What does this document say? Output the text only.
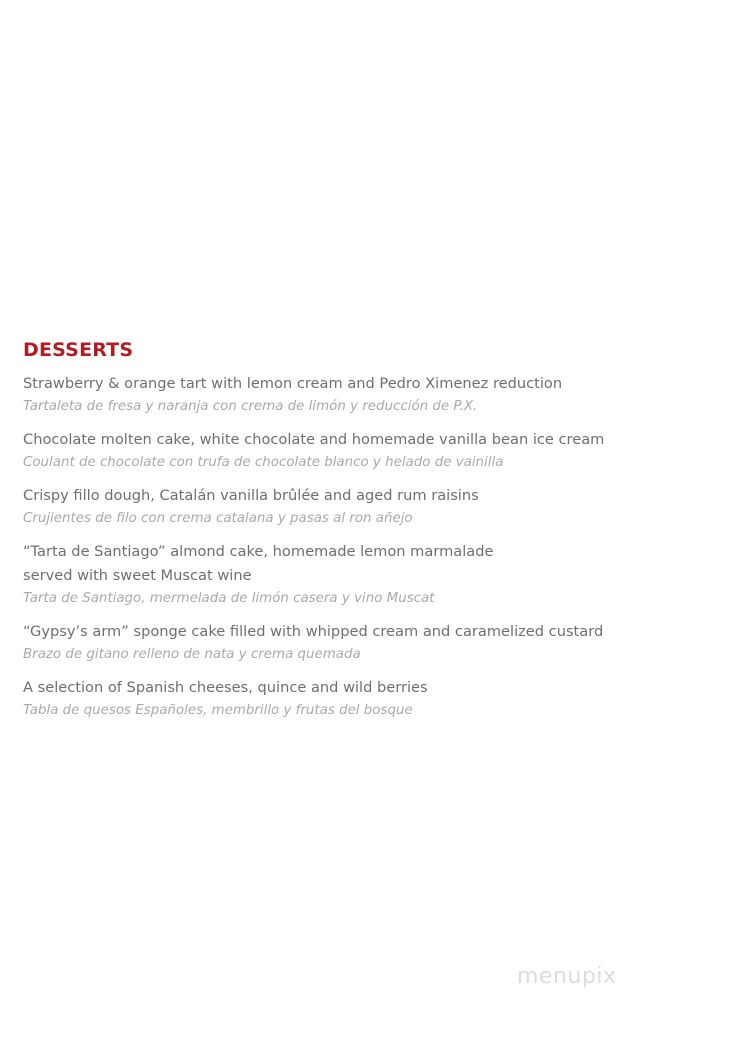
DESSERTS
Strawberry & orange tart with lemon cream and Pedro Ximenez reduction
Tartaleta de fresa y naranja con crema de limón y reducción de P.X.
Chocolate molten cake, white chocolate and homemade vanilla bean ice cream
Coulant de chocolate con trufa de chocolate blanco y helado de vainilla
Crispy fillo dough, Catalán vanilla brûlée and aged rum raisins
Crujientes de filo con crema catalana y pasas al ron añejo
“Tarta de Santiago” almond cake, homemade lemon marmalade
served with sweet Muscat wine
Tarta de Santiago, mermelada de limón casera y vino Muscat
“Gypsy’s arm” sponge cake filled with whipped cream and caramelized custard
Brazo de gitano relleno de nata y crema quemada
A selection of Spanish cheeses, quince and wild berries
Tabla de quesos Españoles, membrillo y frutas del bosque
menupix
